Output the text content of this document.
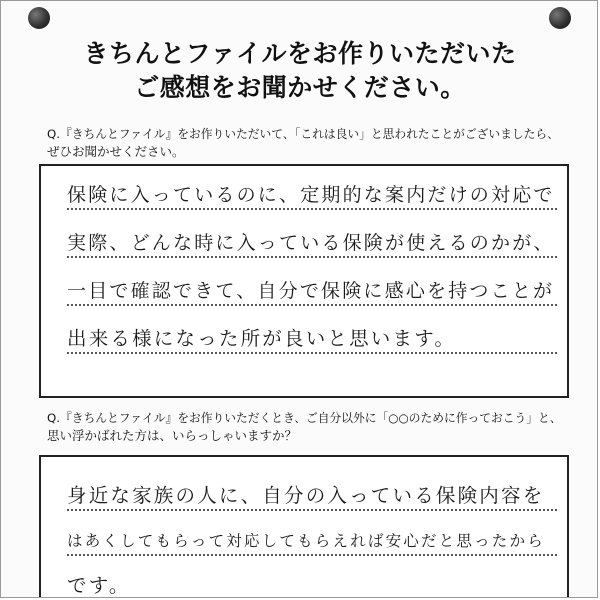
きちんとファイルをお作りいただいた
ご感想をお聞かせください。
Q.『きちんとファイル』をお作りいただいて、「これは良い」と思われたことがございましたら、
ぜひお聞かせください。
保険に入っているのに、定期的な案内だけの対応で
実際、どんな時に入っている保険が使えるのかが、
一目で確認できて、自分で保険に感心を持つことが
出来る様になった所が良いと思います。
Q.『きちんとファイル』をお作りいただくとき、ご自分以外に「○○のために作っておこう」と、
思い浮かばれた方は、いらっしゃいますか？
身近な家族の人に、自分の入っている保険内容を
はあくしてもらって対応してもらえれば安心だと思ったから
です。
